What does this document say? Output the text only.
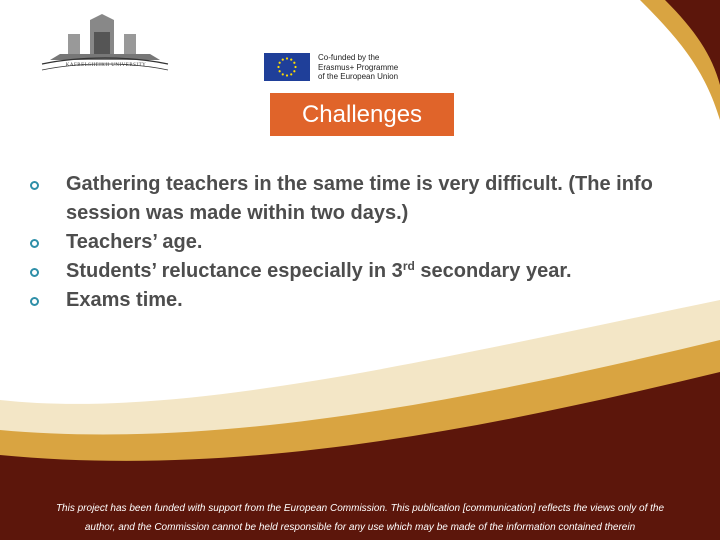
KAFRELSHEIKH UNIVERSITY
Co-funded by the
Erasmus+ Programme
of the European Union
Challenges
Gathering teachers in the same time is very difficult. (The info session was made within two days.)
Teachers’ age.
Students’ reluctance especially in 3rd secondary year.
Exams time.
This project has been funded with support from the European Commission. This publication [communication] reflects the views only of the
author, and the Commission cannot be held responsible for any use which may be made of the information contained therein
